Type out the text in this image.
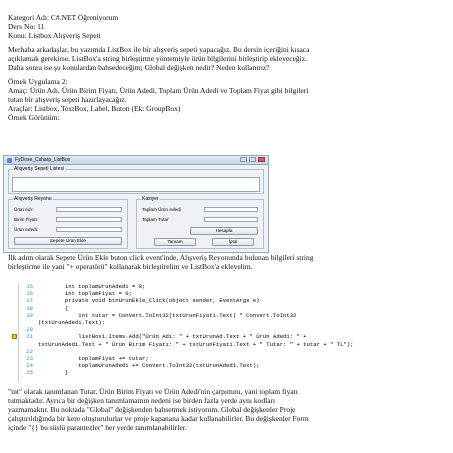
Kategori Adı: C#.NET Öğreniyorum
Ders No: 11
Konu: Listbox Alışveriş Sepeti
Merhaba arkadaşlar, bu yazımda ListBox ile bir alışveriş sepeti yapacağız. Bu dersin içeriğini kısaca
açıklamak gerekirse, ListBox'a string birleştirme yöntemiyle ürün bilgilerini birleştirip ekleyeceğiz.
Daha sonra ise şu konulardan bahsedeceğim; Global değişken nedir? Neden kullanırız?
Örnek Uygulama 2:
Amaç: Ürün Adı, Ürün Birim Fiyatı, Ürün Adedi, Toplam Ürün Adedi ve Toplam Fiyat gibi bilgileri
tutan bir alışveriş sepeti hazırlayacağız.
Araçlar: Listbox, TextBox, Label, Buton (Ek: GroupBox)
Örnek Görünüm:
FyDose_Csharp_ListBox
Alışveriş Sepeti Listesi
Alışveriş Reyonu
Ürün Adı:
Birim Fiyatı:
Ürün Adedi:
Sepete Ürün Ekle
Kasiyer
Toplam Ürün Adedi
Toplam Tutar
Hesapla
Tamam	İptal
İlk adım olarak Sepete Ürün Ekle buton click event'inde, Alışveriş Reyonunda bulunan bilgileri string
birleştirme ile yani "+ operatörü" kullanarak birleştirelim ve ListBox'a ekleyelim.
15        int toplamUrunAdedi = 0;
16        int toplamFiyat = 0;
17        private void btnUrunEkle_Click(object sender, EventArgs e)
18        {
19            int tutar = Convert.ToInt32(txtUrunFiyati.Text) * Convert.ToInt32
(txtUrunAdedi.Text);
20
21            listBox1.Items.Add("Ürün Adı: " + txtUrunAd.Text + " Ürün Adedi: " +
txtUrunAdedi.Text + " Ürün Birim Fiyatı: " + txtUrunFiyati.Text + " Tutar: " + tutar + " TL");
22
23            toplamFiyat += tutar;
24            toplamUrunAdedi += Convert.ToInt32(txtUrunAdedi.Text);
25        }
"int" olarak tanımlanan Tutar, Ürün Birim Fiyatı ve Ürün Adedi'nin çarpımını, yani toplam fiyatı
tutmaktadır. Ayrıca bir değişken tanımlamamın nedeni ise birden fazla yerde aynı kodları
yazmamaktır. Bu noktada "Global" değişkenden bahsetmek istiyorum. Global değişkenler Proje
çalıştırıldığında bir kere oluşturulurlar ve proje kapanana kadar kullanabilirler. Bu değişkenler Form
içinde "{} bu süslü parantezler" her yerde tanımlanabilirler.
